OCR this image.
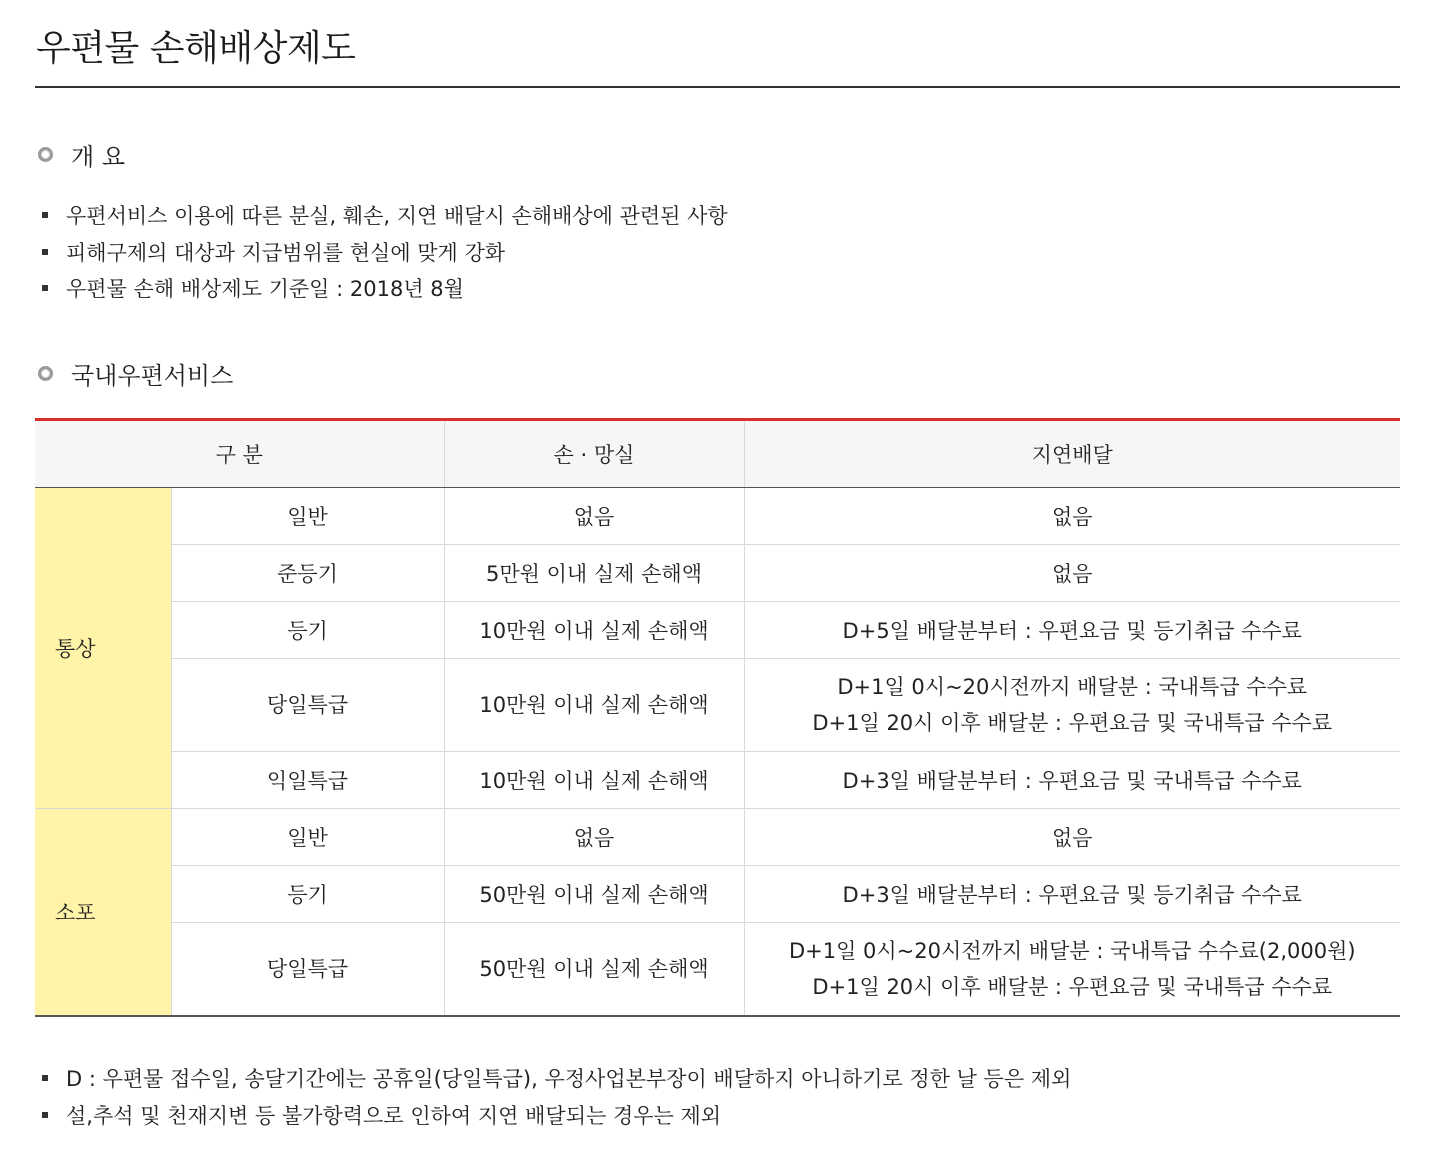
우편물 손해배상제도
개 요
우편서비스 이용에 따른 분실, 훼손, 지연 배달시 손해배상에 관련된 사항
피해구제의 대상과 지급범위를 현실에 맞게 강화
우편물 손해 배상제도 기준일 : 2018년 8월
국내우편서비스
구 분		손 · 망실	지연배달
통상	일반	없음	없음

	준등기	5만원 이내 실제 손해액	없음

	등기	10만원 이내 실제 손해액	D+5일 배달분부터 : 우편요금 및 등기취급 수수료

	당일특급	10만원 이내 실제 손해액	D+1일 0시~20시전까지 배달분 : 국내특급 수수료
D+1일 20시 이후 배달분 : 우편요금 및 국내특급 수수료

	익일특급	10만원 이내 실제 손해액	D+3일 배달분부터 : 우편요금 및 국내특급 수수료

소포	일반	없음	없음

	등기	50만원 이내 실제 손해액	D+3일 배달분부터 : 우편요금 및 등기취급 수수료

	당일특급	50만원 이내 실제 손해액	D+1일 0시~20시전까지 배달분 : 국내특급 수수료(2,000원)
D+1일 20시 이후 배달분 : 우편요금 및 국내특급 수수료
D : 우편물 접수일, 송달기간에는 공휴일(당일특급), 우정사업본부장이 배달하지 아니하기로 정한 날 등은 제외
설,추석 및 천재지변 등 불가항력으로 인하여 지연 배달되는 경우는 제외
